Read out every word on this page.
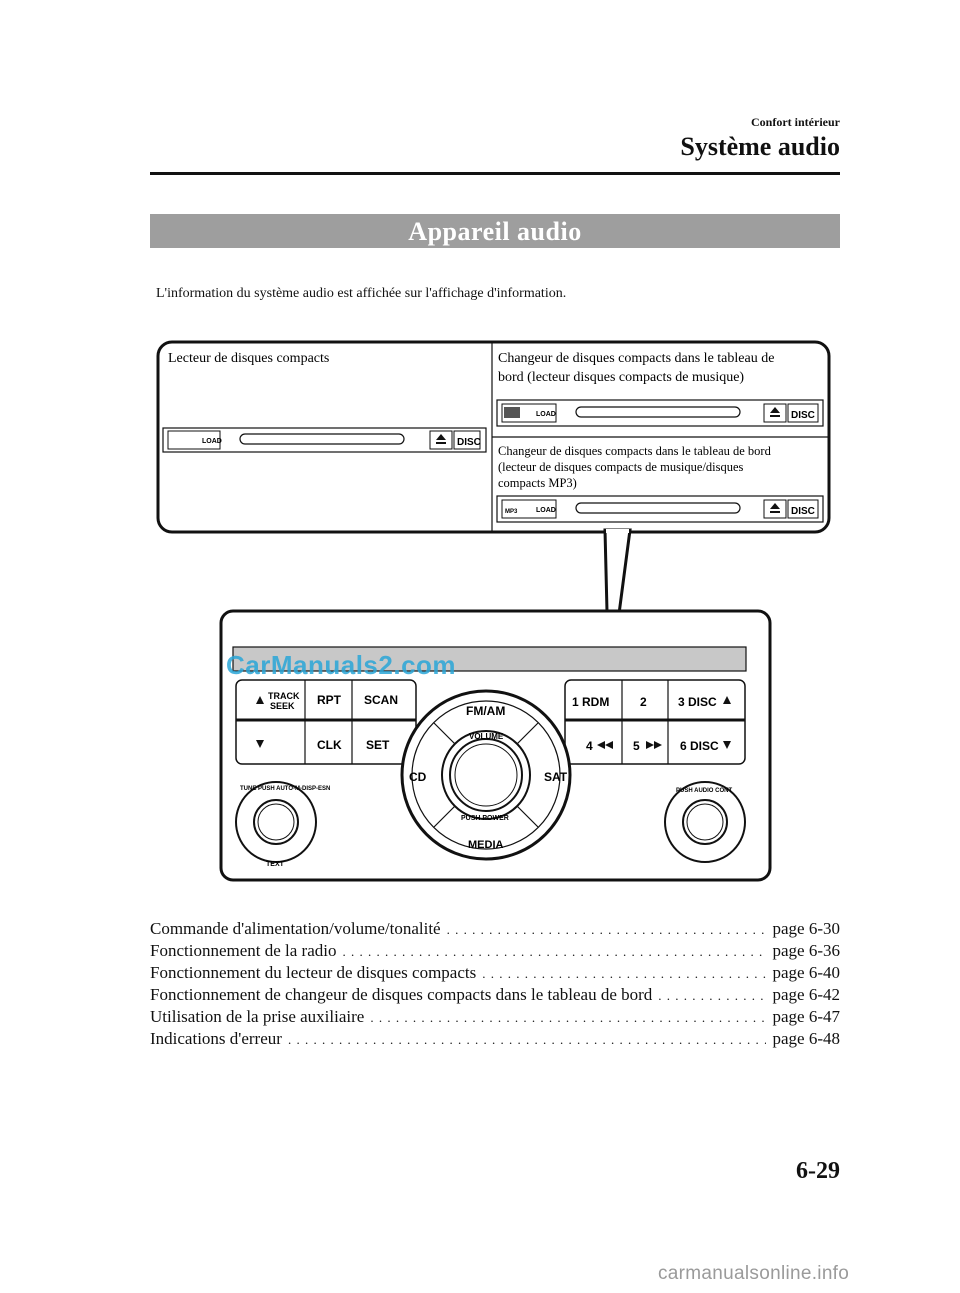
Confort intérieur
Système audio
Appareil audio
L'information du système audio est affichée sur l'affichage d'information.
Lecteur de disques compacts	Changeur de disques compacts dans le tableau de
bord (lecteur disques compacts de musique)
Changeur de disques compacts dans le tableau de bord
(lecteur de disques compacts de musique/disques
compacts MP3)
LOAD	DISC
LOAD	DISC
MP3	LOAD	DISC
TRACK
SEEK RPT SCAN
CLK SET
1 RDM	2	3 DISC
4	5	6 DISC
FM/AM
VOLUME
CD	SAT
PUSH POWER
MEDIA
TUNE PUSH AUTO-M-DISP-ESN
TEXT
PUSH AUDIO CONT
CarManuals2.com
Commande d'alimentation/volume/tonalité . . .	page 6-30
Fonctionnement de la radio . . .	page 6-36
Fonctionnement du lecteur de disques compacts . . .	page 6-40
Fonctionnement de changeur de disques compacts dans le tableau de bord . . .	page 6-42
Utilisation de la prise auxiliaire . . .	page 6-47
Indications d'erreur . . .	page 6-48
6-29
carmanualsonline.info
